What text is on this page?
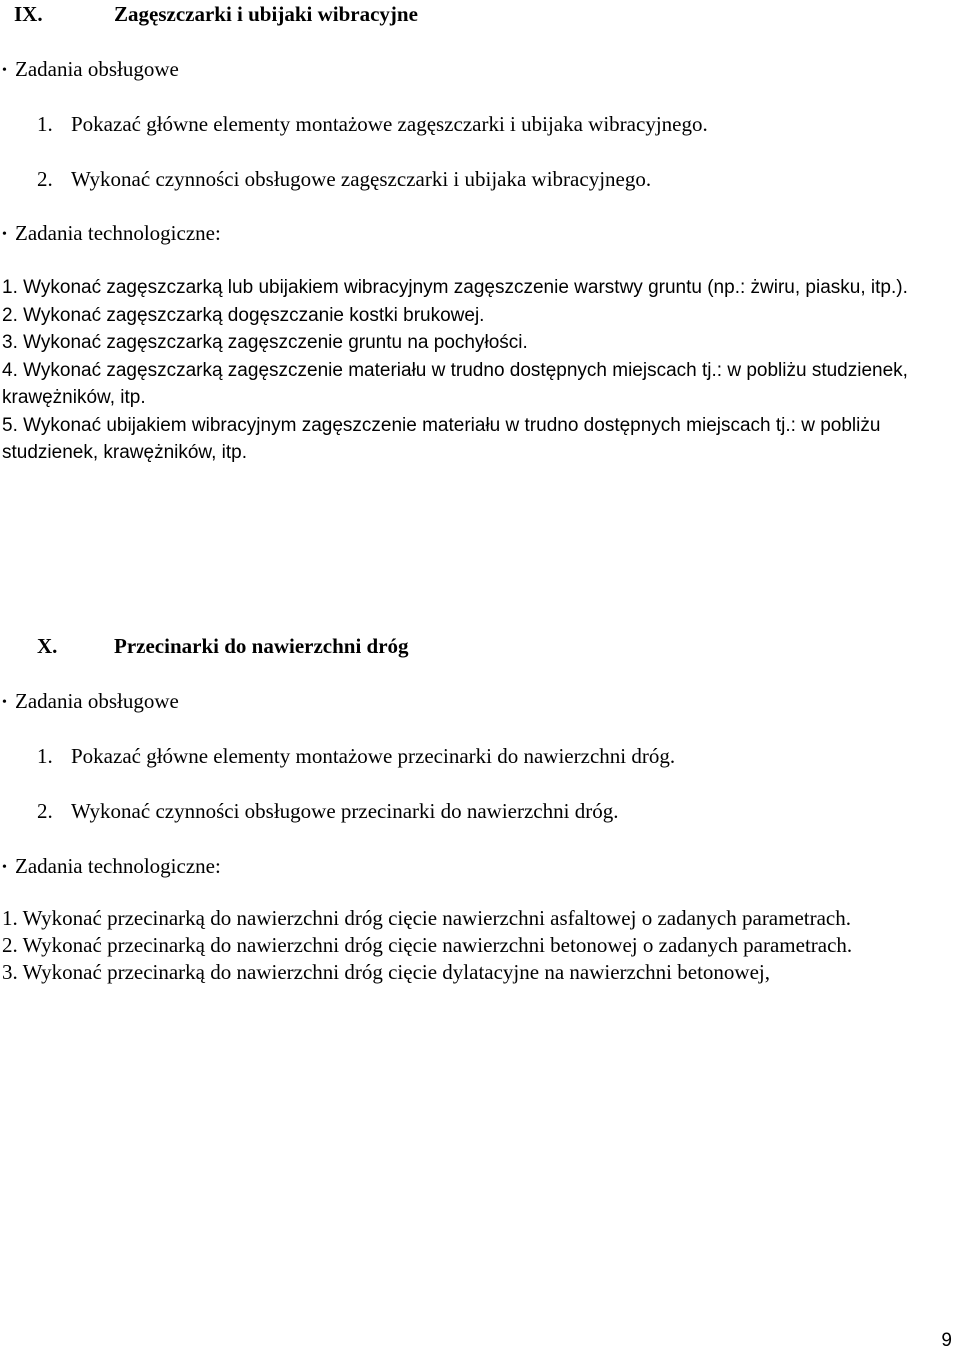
IX.	Zagęszczarki i ubijaki wibracyjne
• Zadania obsługowe
1. Pokazać główne elementy montażowe zagęszczarki i ubijaka wibracyjnego.
2. Wykonać czynności obsługowe zagęszczarki i ubijaka wibracyjnego.
• Zadania technologiczne:
1. Wykonać zagęszczarką lub ubijakiem wibracyjnym zagęszczenie warstwy gruntu (np.: żwiru, piasku, itp.).
2. Wykonać zagęszczarką dogęszczanie kostki brukowej.
3. Wykonać zagęszczarką zagęszczenie gruntu na pochyłości.
4. Wykonać zagęszczarką zagęszczenie materiału w trudno dostępnych miejscach tj.: w pobliżu studzienek, krawężników, itp.
5. Wykonać ubijakiem wibracyjnym zagęszczenie materiału w trudno dostępnych miejscach tj.: w pobliżu studzienek, krawężników, itp.
X.	Przecinarki do nawierzchni dróg
• Zadania obsługowe
1. Pokazać główne elementy montażowe przecinarki do nawierzchni dróg.
2. Wykonać czynności obsługowe przecinarki do nawierzchni dróg.
• Zadania technologiczne:
1. Wykonać przecinarką do nawierzchni dróg cięcie nawierzchni asfaltowej o zadanych parametrach.
2. Wykonać przecinarką do nawierzchni dróg cięcie nawierzchni betonowej o zadanych parametrach.
3. Wykonać przecinarką do nawierzchni dróg cięcie dylatacyjne na nawierzchni betonowej,
9
